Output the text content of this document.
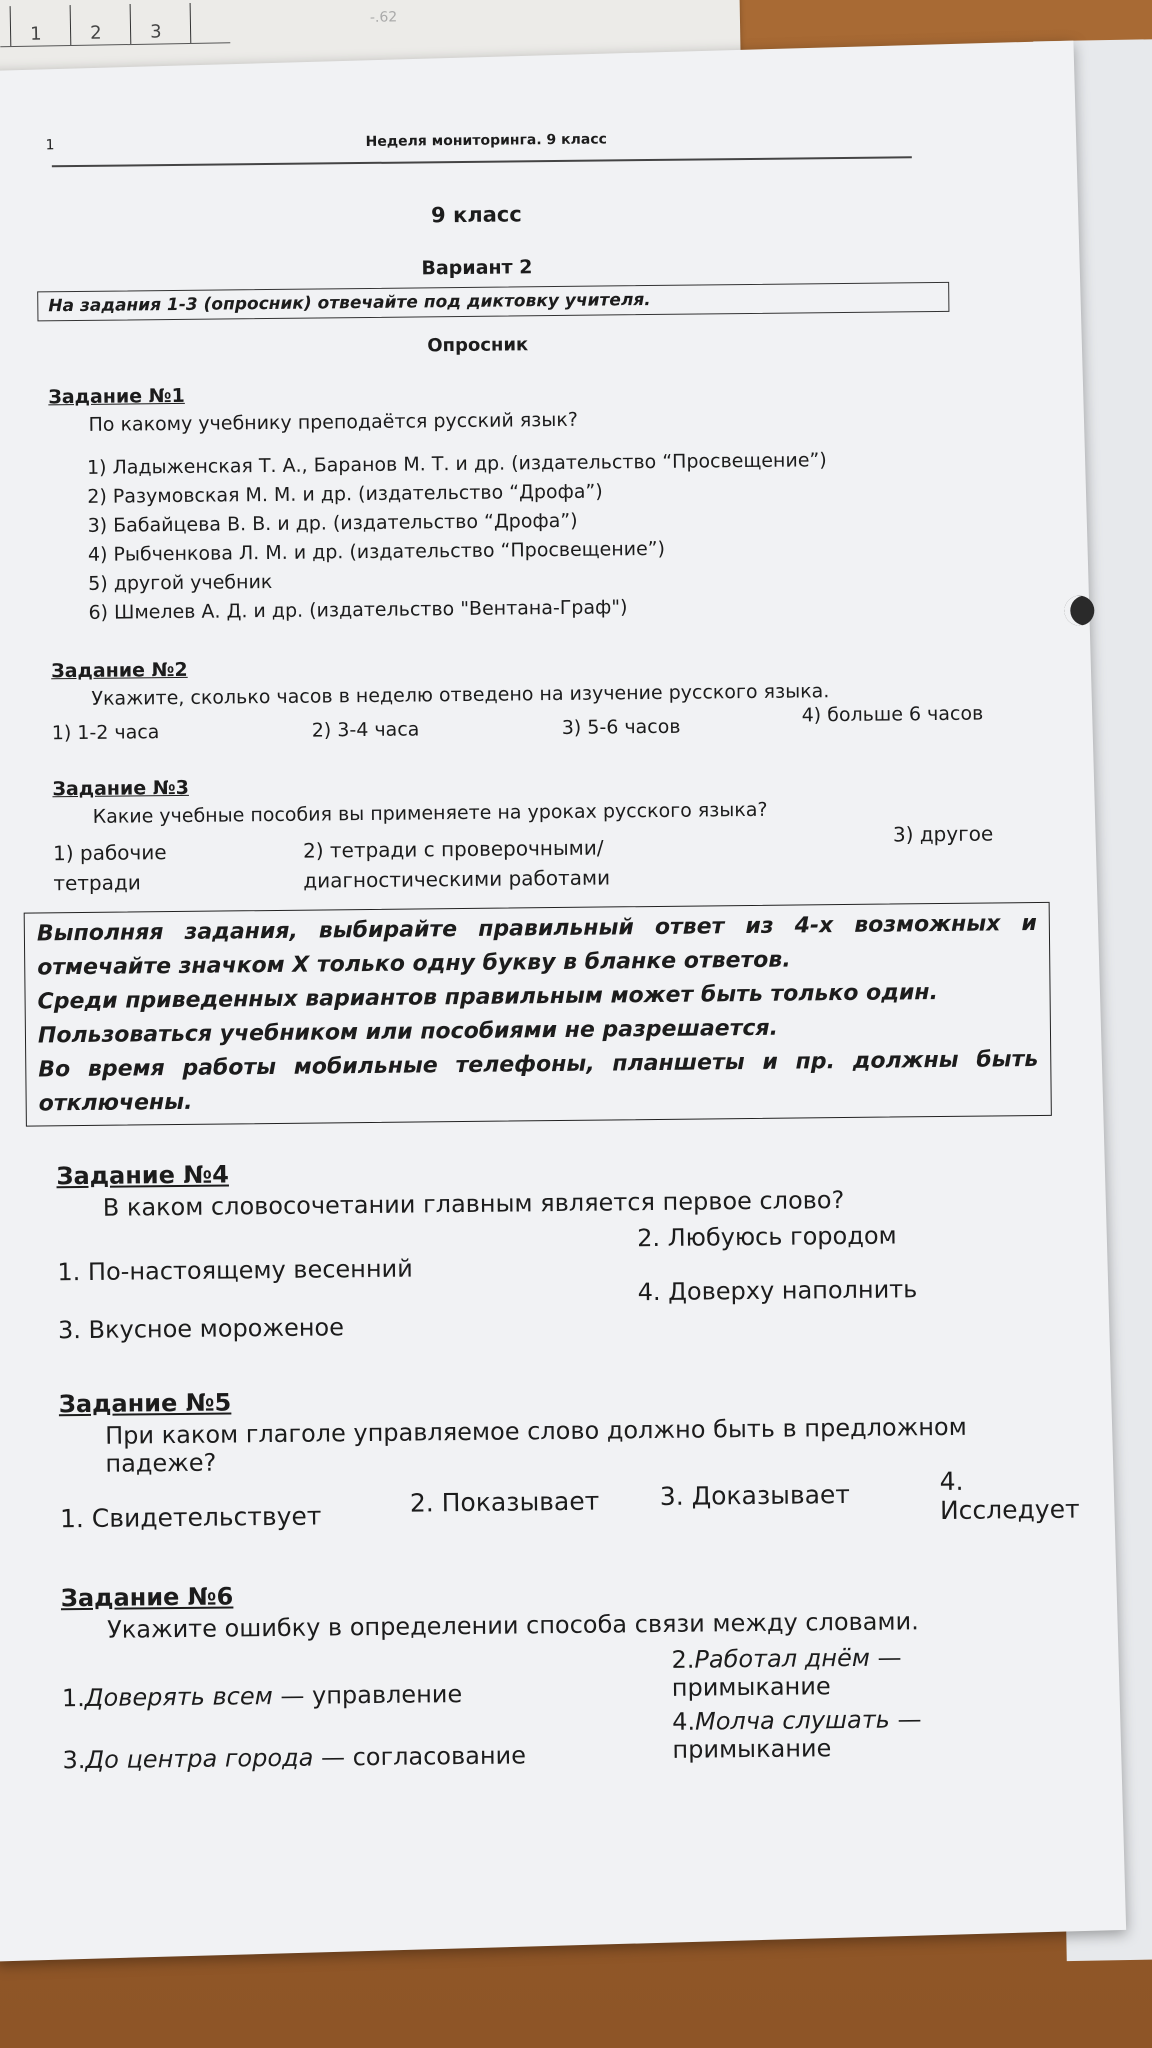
1	2	3
-.62
1	Неделя мониторинга. 9 класс
9 класс
Вариант 2
На задания 1-3 (опросник) отвечайте под диктовку учителя.
Опросник
Задание №1
По какому учебнику преподаётся русский язык?
1) Ладыженская Т. А., Баранов М. Т. и др. (издательство “Просвещение”)
2) Разумовская М. М. и др. (издательство “Дрофа”)
3) Бабайцева В. В. и др. (издательство “Дрофа”)
4) Рыбченкова Л. М. и др. (издательство “Просвещение”)
5) другой учебник
6) Шмелев А. Д. и др. (издательство "Вентана-Граф")
Задание №2
Укажите, сколько часов в неделю отведено на изучение русского языка.
1) 1-2 часа	2) 3-4 часа	3) 5-6 часов
4) больше 6 часов
Задание №3
Какие учебные пособия вы применяете на уроках русского языка?
1) рабочие тетради
2) тетради с проверочными/ диагностическими работами
3) другое
Выполняя задания, выбирайте правильный ответ из 4-х возможных и отмечайте значком X только одну букву в бланке ответов.
Среди приведенных вариантов правильным может быть только один.
Пользоваться учебником или пособиями не разрешается.
Во время работы мобильные телефоны, планшеты и пр. должны быть отключены.
Задание №4
В каком словосочетании главным является первое слово?
1. По-настоящему весенний
2. Любуюсь городом
3. Вкусное мороженое
4. Доверху наполнить
Задание №5
При каком глаголе управляемое слово должно быть в предложном падеже?
1. Свидетельствует	2. Показывает 3. Доказывает	4. Исследует
Задание №6
Укажите ошибку в определении способа связи между словами.
1.Доверять всем — управление
2.Работал днём — примыкание
3.До центра города — согласование
4.Молча слушать — примыкание
